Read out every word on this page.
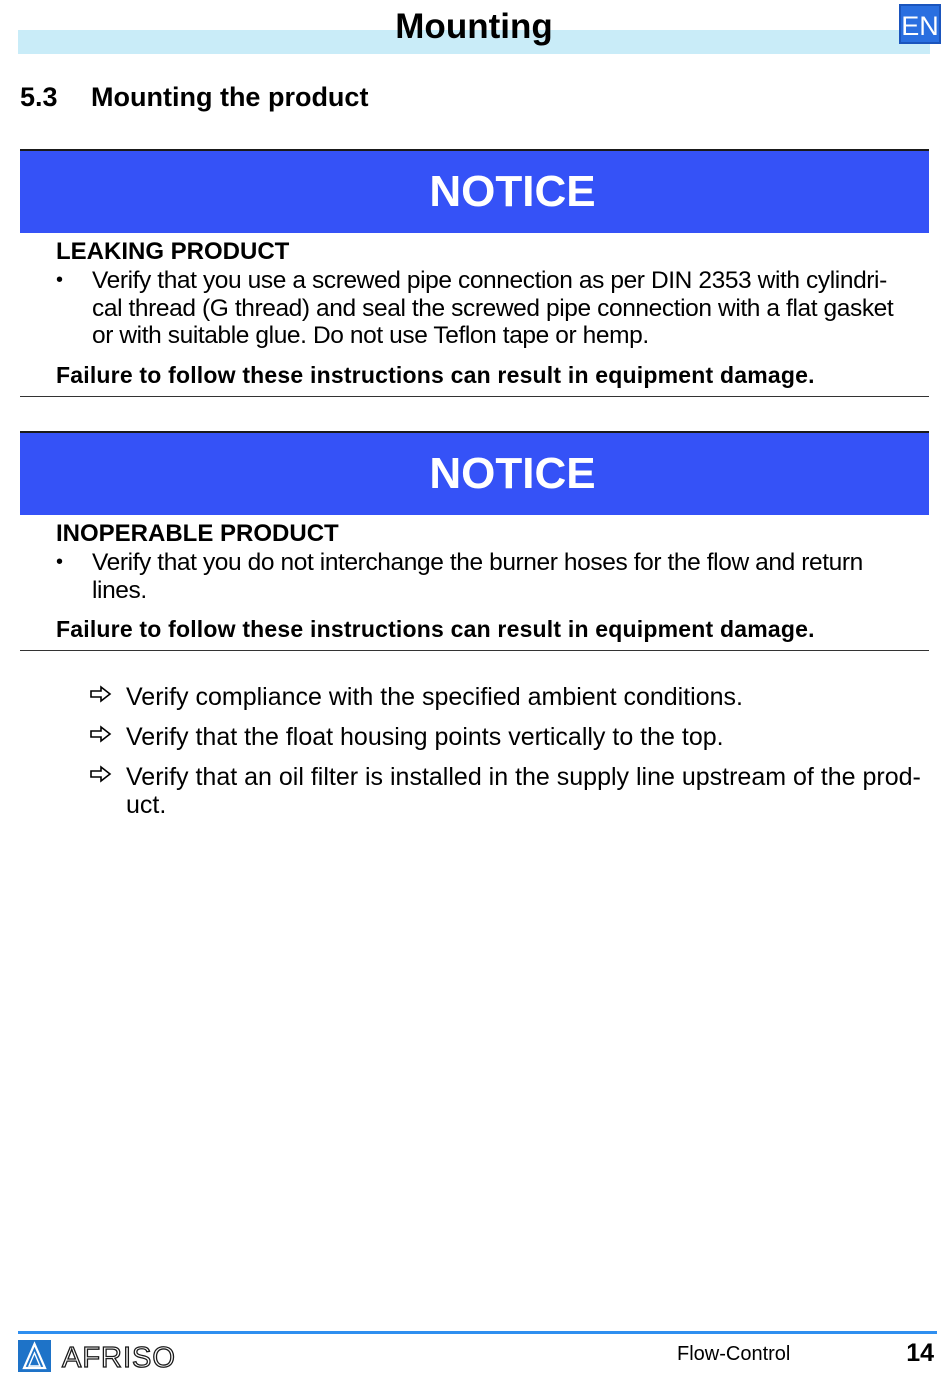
Mounting	EN
5.3 Mounting the product
NOTICE
LEAKING PRODUCT
• Verify that you use a screwed pipe connection as per DIN 2353 with cylindri-
cal thread (G thread) and seal the screwed pipe connection with a flat gasket
or with suitable glue. Do not use Teflon tape or hemp.
Failure to follow these instructions can result in equipment damage.
NOTICE
INOPERABLE PRODUCT
• Verify that you do not interchange the burner hoses for the flow and return
lines.
Failure to follow these instructions can result in equipment damage.
Verify compliance with the specified ambient conditions.
Verify that the float housing points vertically to the top.
Verify that an oil filter is installed in the supply line upstream of the prod-
uct.
AFRISO	Flow-Control	14
